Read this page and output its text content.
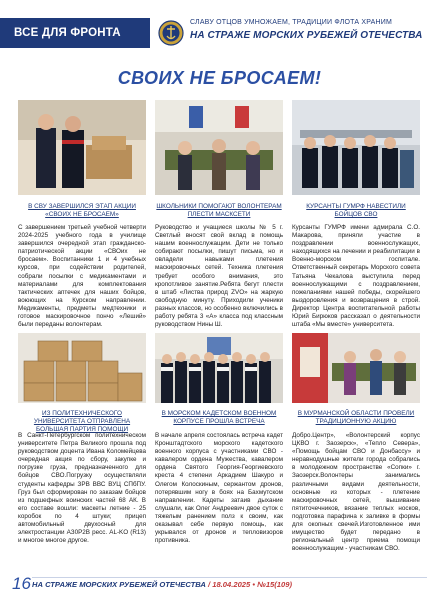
ВСЕ ДЛЯ ФРОНТА
СЛАВУ ОТЦОВ УМНОЖАЕМ, ТРАДИЦИИ ФЛОТА ХРАНИМ
НА СТРАЖЕ МОРСКИХ РУБЕЖЕЙ ОТЕЧЕСТВА
СВОИХ НЕ БРОСАЕМ!
В СВУ ЗАВЕРШИЛСЯ ЭТАП АКЦИИ «СВОИХ НЕ БРОСАЕМ»
С завершением третьей учебной четверти 2024-2025 учебного года в училище завершился очередной этап гражданско-патриотической акции «СВОих не бросаем». Воспитанники 1 и 4 учебных курсов, при содействии родителей, собрали посылки с медикаментами и материалами для комплектования тактических аптечек для наших бойцов, воюющих на Курском направлении. Медикаменты, предметы медтехники и готовое маскировочное пончо «Леший» были переданы волонтерам.
ШКОЛЬНИКИ ПОМОГАЮТ ВОЛОНТЕРАМ ПЛЕСТИ МАСКСЕТИ
Руководство и учащиеся школы № 5 г. Светлый вносят свой вклад в помощь нашим военнослужащим. Дети не только собирают посылки, пишут письма, но и овладели навыками плетения маскировочных сетей. Техника плетения требует особого внимания, это кропотливое занятие.Ребята бегут плести в штаб «Листва природ ZVO» на жаркую свободную минуту. Приходили ученики разных классов, но особенно включились в работу ребята 3 «А» класса под классным руководством Нины Ш.
КУРСАНТЫ ГУМРФ НАВЕСТИЛИ БОЙЦОВ СВО
Курсанты ГУМРФ имени адмирала С.О. Макарова, приняли участие в поздравлении военнослужащих, находящихся на лечении и реабилитации в Военно-морском госпитале. Ответственный секретарь Морского совета Татьяна Чекалова выступила перед военнослужащими с поздравлением, пожеланиями нашей победы, скорейшего выздоровления и возвращения в строй. Директор Центра воспитательной работы Юрий Бирюков рассказал о деятельности штаба «Мы вместе» университета.
ИЗ ПОЛИТЕХНИЧЕСКОГО УНИВЕРСИТЕТА ОТПРАВЛЕНА БОЛЬШАЯ ПАРТИЯ ПОМОЩИ
В Санкт-Петербургском политехническом университете Петра Великого прошла под руководством доцента Ивана Коломейцева очередная акция по сбору, закупке и погрузке груза, предназначенного для бойцов СВО.Погрузку осуществляли студенты кафедры ЗРВ ВВС ВУЦ СПбПУ. Груз был сформирован по заказам бойцов из подшефных воинских частей 68 АК. В его составе вошли: маскеты летние - 25 коробок по 4 штуки; прицеп автомобильный двухосный для электростанции АЗ0Р2В ресс. AL-KO (R13) и многое многое другое.
В МОРСКОМ КАДЕТСКОМ ВОЕННОМ КОРПУСЕ ПРОШЛА ВСТРЕЧА
В начале апреля состоялась встреча кадет Кронштадтского морского кадетского военного корпуса с участниками СВО - кавалером ордена Мужества, кавалером ордена Святого Георгия-Георгиевского креста 4 степени Аркадием Шакуро и Олегом Колоскиным, сержантом дронов, потерявшим ногу в боях на Бахмутском направлении. Кадеты затаив дыхание слушали, как Олег Андреевич двое суток с тяжелым ранением полз к своим, как оказывал себе первую помощь, как укрывался от дронов и тепловизоров противника.
В МУРМАНСКОЙ ОБЛАСТИ ПРОВЕЛИ ТРАДИЦИОННУЮ АКЦИЮ
Добро.Центр», «Волонтерский корпус ЦКВО г. Заозерск», «Тепло Севера», «Помощь бойцам СВО и Донбассу» и неравнодушные жители города собрались в молодежном пространстве «Сопки» г. Заозерск.Волонтеры занимались различными видами деятельности, основные из которых - плетение маскировочных сетей, вышивание пятиточечников, вязание теплых носков, подготовка парафина к заливке в формы для окопных свечей.Изготовленное ими имущество будет передано в региональный центр приема помощи военнослужащим - участникам СВО.
16 НА СТРАЖЕ МОРСКИХ РУБЕЖЕЙ ОТЕЧЕСТВА / 18.04.2025 • №15(109)
